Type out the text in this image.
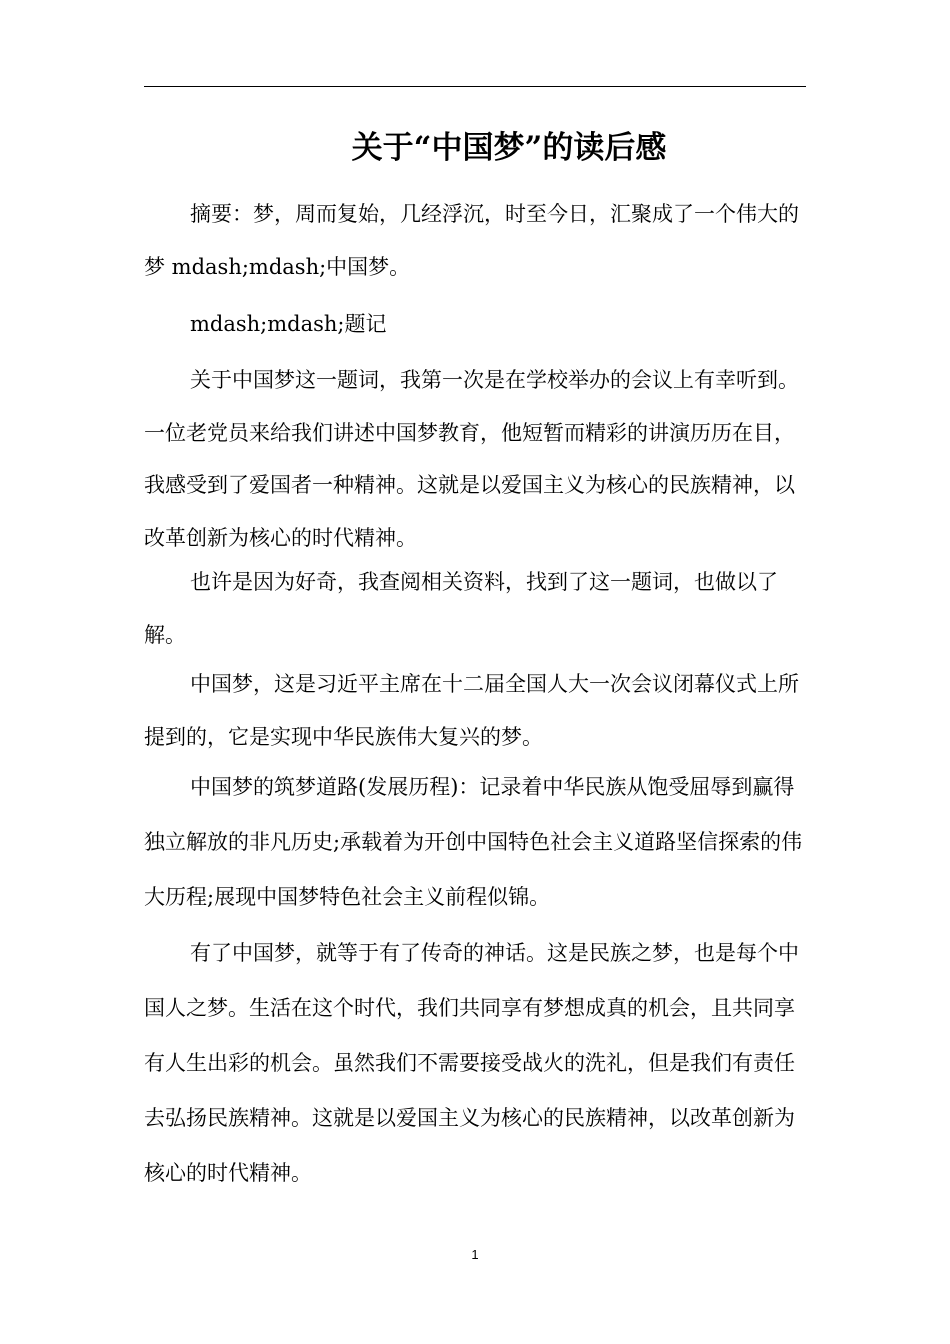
关于“中国梦”的读后感

摘要：梦，周而复始，几经浮沉，时至今日，汇聚成了一个伟大的梦 mdash;mdash;中国梦。

mdash;mdash;题记

关于中国梦这一题词，我第一次是在学校举办的会议上有幸听到。一位老党员来给我们讲述中国梦教育，他短暂而精彩的讲演历历在目，我感受到了爱国者一种精神。这就是以爱国主义为核心的民族精神，以改革创新为核心的时代精神。

也许是因为好奇，我查阅相关资料，找到了这一题词，也做以了解。

中国梦，这是习近平主席在十二届全国人大一次会议闭幕仪式上所提到的，它是实现中华民族伟大复兴的梦。

中国梦的筑梦道路(发展历程)：记录着中华民族从饱受屈辱到赢得独立解放的非凡历史;承载着为开创中国特色社会主义道路坚信探索的伟大历程;展现中国梦特色社会主义前程似锦。

有了中国梦，就等于有了传奇的神话。这是民族之梦，也是每个中国人之梦。生活在这个时代，我们共同享有梦想成真的机会，且共同享有人生出彩的机会。虽然我们不需要接受战火的洗礼，但是我们有责任去弘扬民族精神。这就是以爱国主义为核心的民族精神，以改革创新为核心的时代精神。

1
